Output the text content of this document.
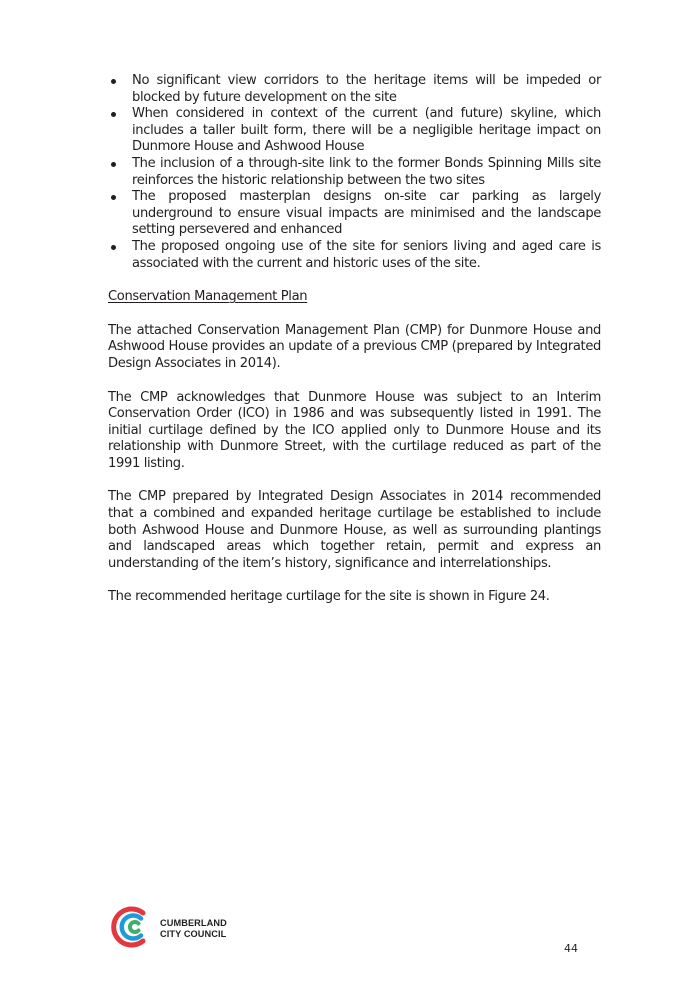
No significant view corridors to the heritage items will be impeded or blocked by future development on the site
When considered in context of the current (and future) skyline, which includes a taller built form, there will be a negligible heritage impact on Dunmore House and Ashwood House
The inclusion of a through-site link to the former Bonds Spinning Mills site reinforces the historic relationship between the two sites
The proposed masterplan designs on-site car parking as largely underground to ensure visual impacts are minimised and the landscape setting persevered and enhanced
The proposed ongoing use of the site for seniors living and aged care is associated with the current and historic uses of the site.
Conservation Management Plan

The attached Conservation Management Plan (CMP) for Dunmore House and Ashwood House provides an update of a previous CMP (prepared by Integrated Design Associates in 2014).

The CMP acknowledges that Dunmore House was subject to an Interim Conservation Order (ICO) in 1986 and was subsequently listed in 1991. The initial curtilage defined by the ICO applied only to Dunmore House and its relationship with Dunmore Street, with the curtilage reduced as part of the 1991 listing.

The CMP prepared by Integrated Design Associates in 2014 recommended that a combined and expanded heritage curtilage be established to include both Ashwood House and Dunmore House, as well as surrounding plantings and landscaped areas which together retain, permit and express an understanding of the item’s history, significance and interrelationships.

The recommended heritage curtilage for the site is shown in Figure 24.

CUMBERLAND
CITY COUNCIL
44
